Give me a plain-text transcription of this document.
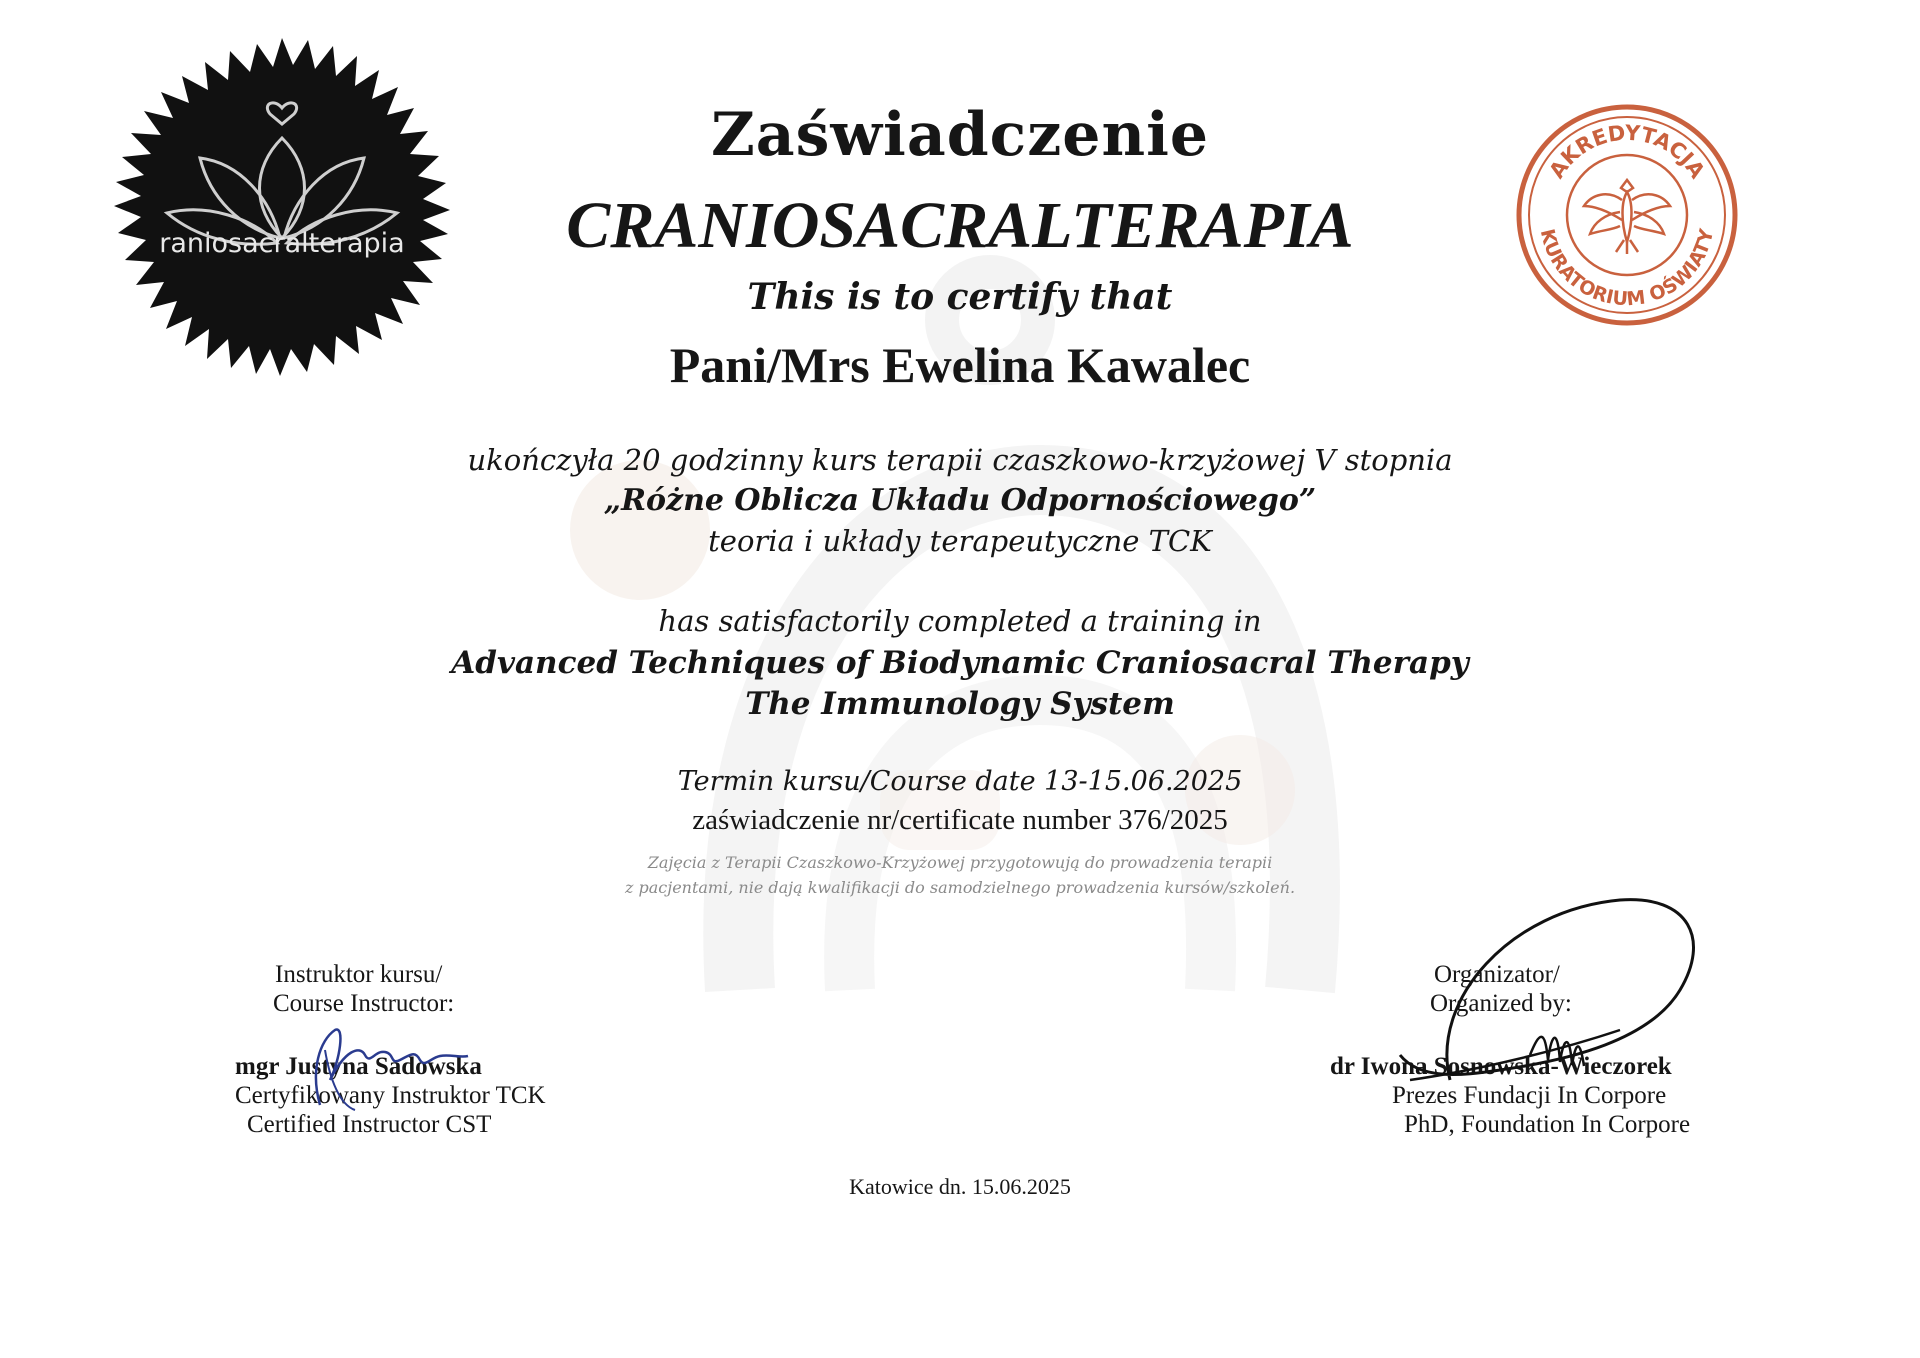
raniosacralterapia
AKREDYTACJA
KURATORIUM OŚWIATY
Zaświadczenie
CRANIOSACRALTERAPIA
This is to certify that
Pani/Mrs Ewelina Kawalec
ukończyła 20 godzinny kurs terapii czaszkowo-krzyżowej V stopnia
„Różne Oblicza Układu Odpornościowego”
teoria i układy terapeutyczne TCK
has satisfactorily completed a training in
Advanced Techniques of Biodynamic Craniosacral Therapy
The Immunology System
Termin kursu/Course date 13-15.06.2025
zaświadczenie nr/certificate number 376/2025
Zajęcia z Terapii Czaszkowo-Krzyżowej przygotowują do prowadzenia terapii
z pacjentami, nie dają kwalifikacji do samodzielnego prowadzenia kursów/szkoleń.
Instruktor kursu/
Course Instructor:
mgr Justyna Sadowska
Certyfikowany Instruktor TCK
Certified Instructor CST
Organizator/
Organized by:
dr Iwona Sosnowska-Wieczorek
Prezes Fundacji In Corpore
PhD, Foundation In Corpore
Katowice dn. 15.06.2025
